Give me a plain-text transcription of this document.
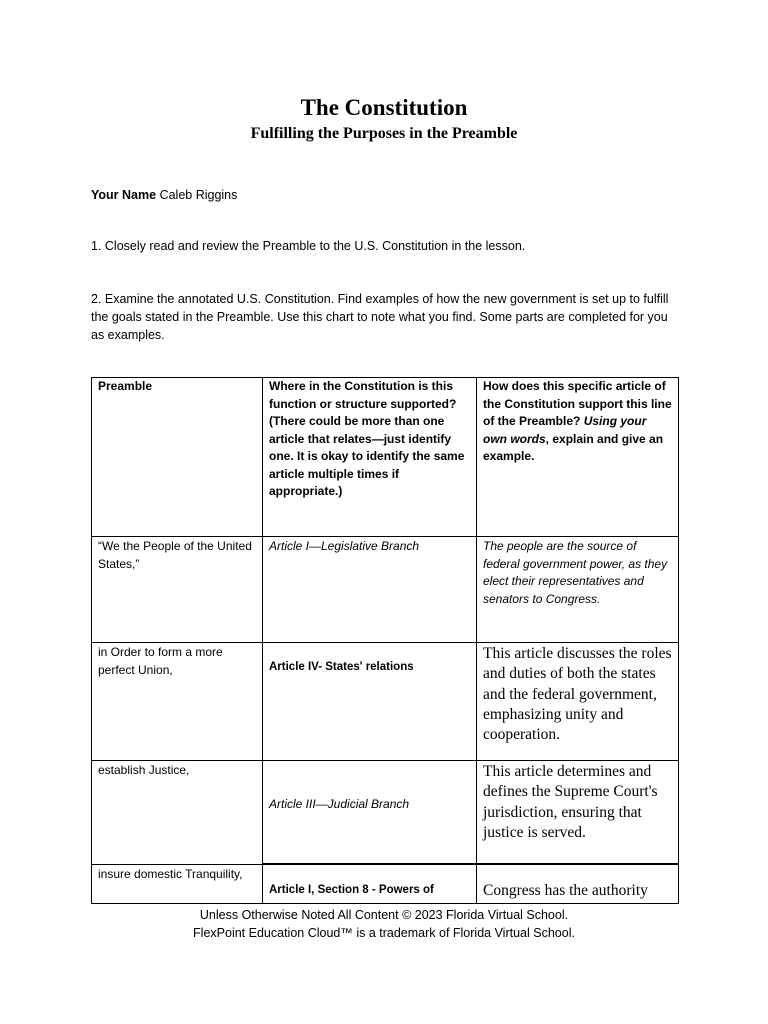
The Constitution
Fulfilling the Purposes in the Preamble
Your Name Caleb Riggins
1. Closely read and review the Preamble to the U.S. Constitution in the lesson.
2. Examine the annotated U.S. Constitution. Find examples of how the new government is set up to fulfill the goals stated in the Preamble. Use this chart to note what you find. Some parts are completed for you as examples.
Preamble	Where in the Constitution is this function or structure supported? (There could be more than one article that relates—just identify one. It is okay to identify the same article multiple times if appropriate.)	How does this specific article of the Constitution support this line of the Preamble? Using your own words, explain and give an example.

“We the People of the United States,”	Article I—Legislative Branch	The people are the source of federal government power, as they elect their representatives and senators to Congress.

in Order to form a more perfect Union,	Article IV- States' relations	This article discusses the roles and duties of both the states and the federal government, emphasizing unity and cooperation.

establish Justice,	Article III—Judicial Branch	This article determines and defines the Supreme Court's jurisdiction, ensuring that justice is served.

insure domestic Tranquility,	Article I, Section 8 - Powers of	Congress has the authority
Unless Otherwise Noted All Content © 2023 Florida Virtual School.
FlexPoint Education Cloud™ is a trademark of Florida Virtual School.
